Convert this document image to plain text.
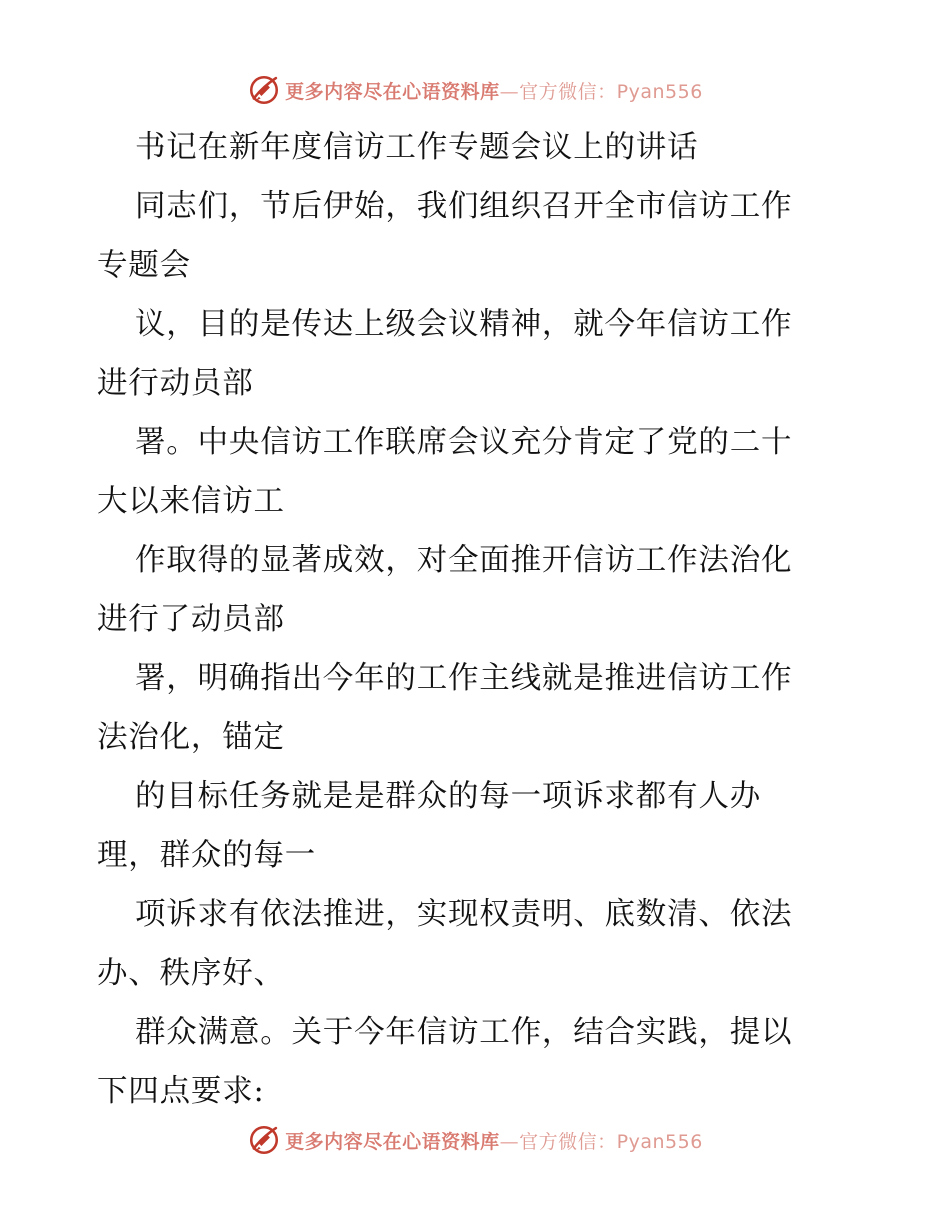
更多内容尽在心语资料库—官方微信：Pyan556
书记在新年度信访工作专题会议上的讲话
同志们，节后伊始，我们组织召开全市信访工作
专题会
议，目的是传达上级会议精神，就今年信访工作
进行动员部
署。中央信访工作联席会议充分肯定了党的二十
大以来信访工
作取得的显著成效，对全面推开信访工作法治化
进行了动员部
署，明确指出今年的工作主线就是推进信访工作
法治化，锚定
的目标任务就是是群众的每一项诉求都有人办
理，群众的每一
项诉求有依法推进，实现权责明、底数清、依法
办、秩序好、
群众满意。关于今年信访工作，结合实践，提以
下四点要求:
更多内容尽在心语资料库—官方微信：Pyan556
